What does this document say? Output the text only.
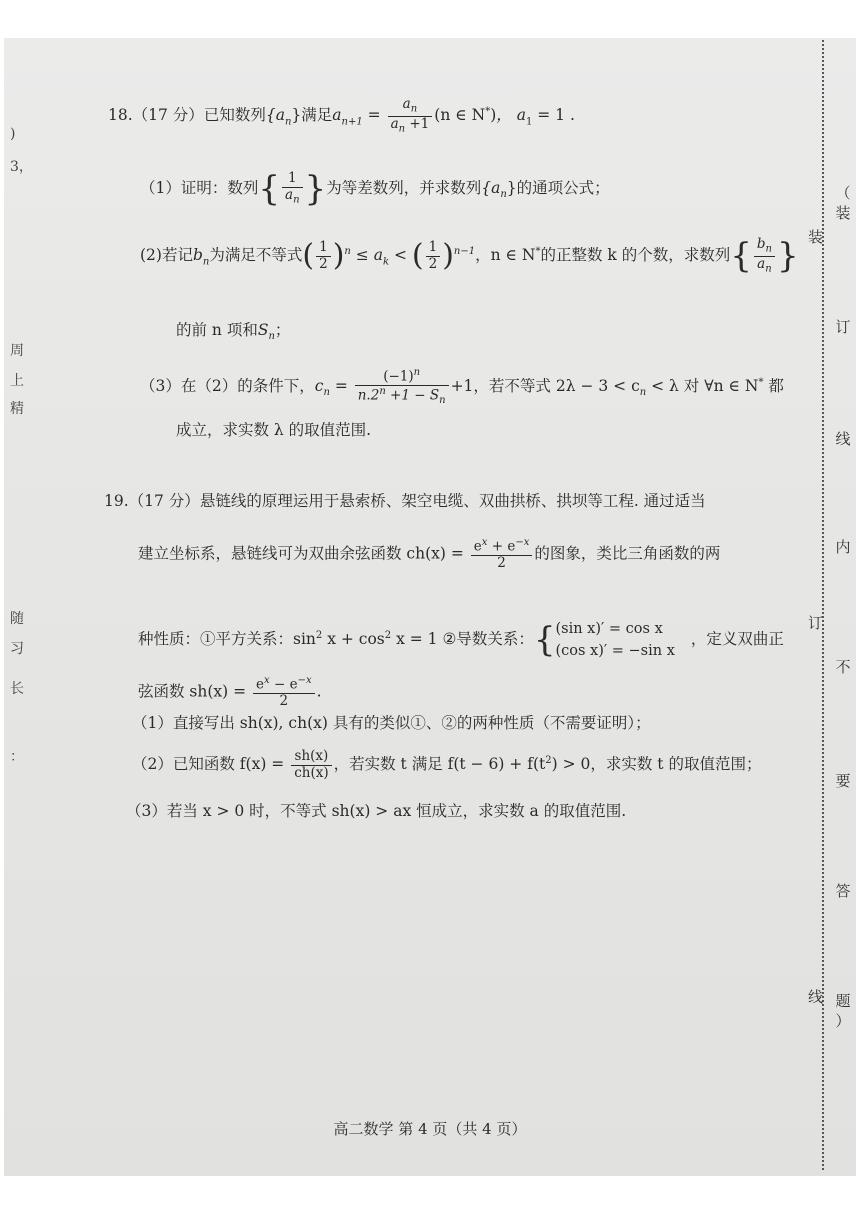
)
3，
周
上
精
随
习
长
：
18.（17 分）已知数列$\{a_n\}$满足$a_{n+1} = \frac{a_n}{a_n +1} (n$ ∈ N*)， $a_1 = 1$ .
（1）证明：数列{ $\frac{1}{a_n}$ }为等差数列，并求数列$\{a_n\}$的通项公式；
(2)若记$b_n$为满足不等式( $\frac{1}{2} )^n \le a_k$ < ( $\frac{1}{2} )^{n-1}$，n ∈ N*的正整数 k 的个数，求数列{ $\frac{b_n}{a_n}$ }
的前 n 项和$S_n$；
（3）在（2）的条件下，$c_n = \frac{(-1)^n}{n.2^n +1 - S_n} +1$，若不等式 $2\lambda - 3 < c_n < \lambda$ 对 ∀n ∈ N* 都
成立，求实数 λ 的取值范围.
19.（17 分）悬链线的原理运用于悬索桥、架空电缆、双曲拱桥、拱坝等工程. 通过适当
建立坐标系，悬链线可为双曲余弦函数 $ch(x) = \frac{e^x + e^{-x}}{2}$ 的图象，类比三角函数的两
种性质：①平方关系：$\sin^2 x + \cos^2 x = 1$ ②导数关系：{ (sin x)′ = cos x
(cos x)′ = −sin x
，定义双曲正
弦函数 $sh(x) = \frac{e^x - e^{-x}}{2}$ .
（1）直接写出 sh(x), ch(x) 具有的类似①、②的两种性质（不需要证明）；
（2）已知函数 $f(x) = \frac{sh(x)}{ch(x)}$ ，若实数 t 满足 $f(t - 6) + f(t^2) > 0$，求实数 t 的取值范围；
（3）若当 x > 0 时，不等式 sh(x) > ax 恒成立，求实数 a 的取值范围.
高二数学 第 4 页（共 4 页）
（
装
装
订
线
内
订
不
要
答
题
线
）
